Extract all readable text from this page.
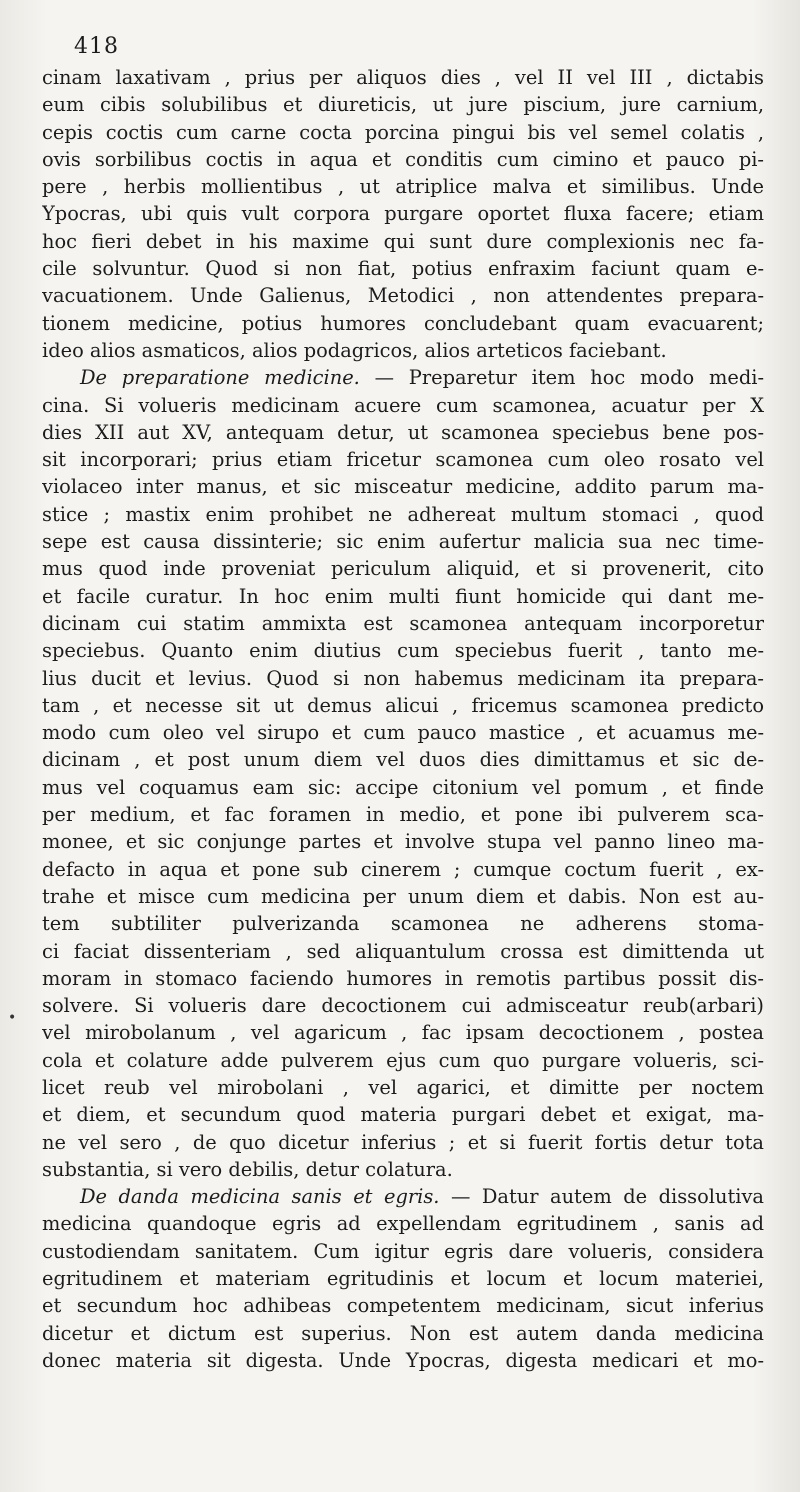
418
cinam laxativam , prius per aliquos dies , vel II vel III , dictabis
eum cibis solubilibus et diureticis, ut jure piscium, jure carnium,
cepis coctis cum carne cocta porcina pingui bis vel semel colatis ,
ovis sorbilibus coctis in aqua et conditis cum cimino et pauco pi-
pere , herbis mollientibus , ut atriplice malva et similibus. Unde
Ypocras, ubi quis vult corpora purgare oportet fluxa facere; etiam
hoc fieri debet in his maxime qui sunt dure complexionis nec fa-
cile solvuntur. Quod si non fiat, potius enfraxim faciunt quam e-
vacuationem. Unde Galienus, Metodici , non attendentes prepara-
tionem medicine, potius humores concludebant quam evacuarent;
ideo alios asmaticos, alios podagricos, alios arteticos faciebant.
De preparatione medicine. — Preparetur item hoc modo medi-
cina. Si volueris medicinam acuere cum scamonea, acuatur per X
dies XII aut XV, antequam detur, ut scamonea speciebus bene pos-
sit incorporari; prius etiam fricetur scamonea cum oleo rosato vel
violaceo inter manus, et sic misceatur medicine, addito parum ma-
stice ; mastix enim prohibet ne adhereat multum stomaci , quod
sepe est causa dissinterie; sic enim aufertur malicia sua nec time-
mus quod inde proveniat periculum aliquid, et si provenerit, cito
et facile curatur. In hoc enim multi fiunt homicide qui dant me-
dicinam cui statim ammixta est scamonea antequam incorporetur
speciebus. Quanto enim diutius cum speciebus fuerit , tanto me-
lius ducit et levius. Quod si non habemus medicinam ita prepara-
tam , et necesse sit ut demus alicui , fricemus scamonea predicto
modo cum oleo vel sirupo et cum pauco mastice , et acuamus me-
dicinam , et post unum diem vel duos dies dimittamus et sic de-
mus vel coquamus eam sic: accipe citonium vel pomum , et finde
per medium, et fac foramen in medio, et pone ibi pulverem sca-
monee, et sic conjunge partes et involve stupa vel panno lineo ma-
defacto in aqua et pone sub cinerem ; cumque coctum fuerit , ex-
trahe et misce cum medicina per unum diem et dabis. Non est au-
tem subtiliter pulverizanda scamonea ne adherens stoma-
ci faciat dissenteriam , sed aliquantulum crossa est dimittenda ut
moram in stomaco faciendo humores in remotis partibus possit dis-
solvere. Si volueris dare decoctionem cui admisceatur reub(arbari)
vel mirobolanum , vel agaricum , fac ipsam decoctionem , postea
cola et colature adde pulverem ejus cum quo purgare volueris, sci-
licet reub vel mirobolani , vel agarici, et dimitte per noctem
et diem, et secundum quod materia purgari debet et exigat, ma-
ne vel sero , de quo dicetur inferius ; et si fuerit fortis detur tota
substantia, si vero debilis, detur colatura.
De danda medicina sanis et egris. — Datur autem de dissolutiva
medicina quandoque egris ad expellendam egritudinem , sanis ad
custodiendam sanitatem. Cum igitur egris dare volueris, considera
egritudinem et materiam egritudinis et locum et locum materiei,
et secundum hoc adhibeas competentem medicinam, sicut inferius
dicetur et dictum est superius. Non est autem danda medicina
donec materia sit digesta. Unde Ypocras, digesta medicari et mo-
•
